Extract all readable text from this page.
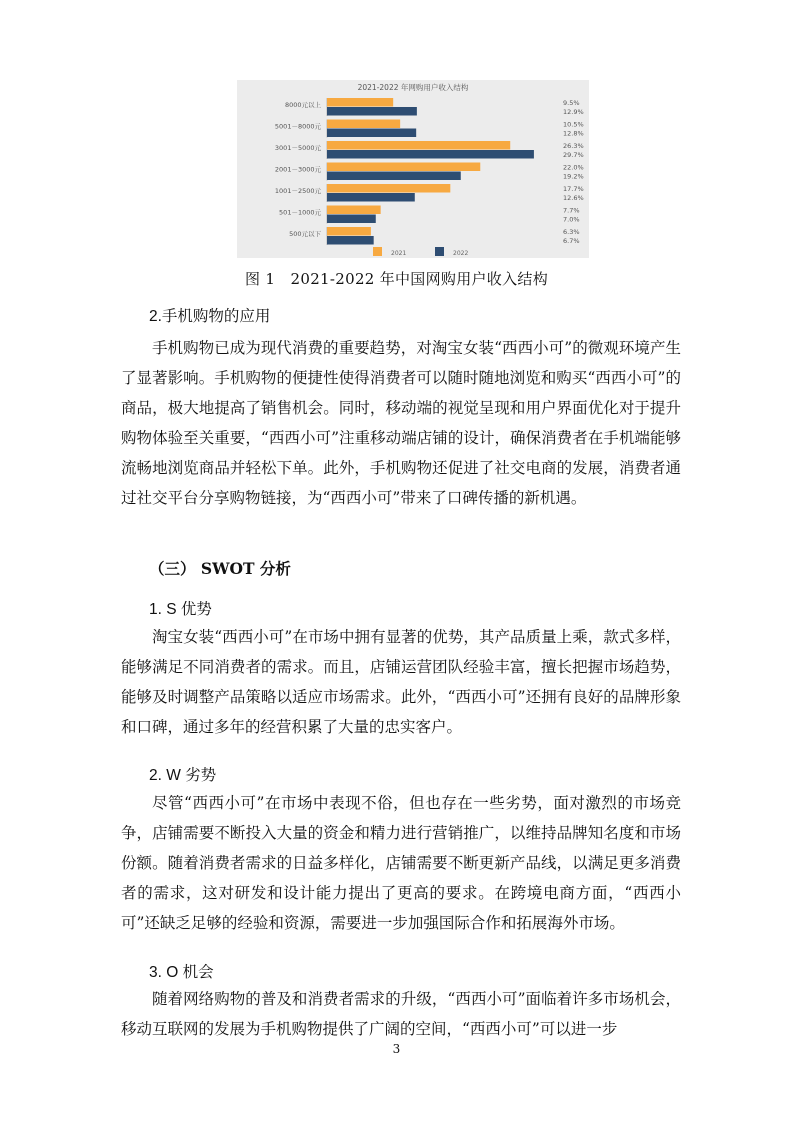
2021-2022 年网购用户收入结构
8000元以上	9.5%
12.9%
5001－8000元	10.5%
12.8%
3001－5000元	26.3%
29.7%
2001－3000元	22.0%
19.2%
1001－2500元	17.7%
12.6%
501－1000元	7.7%
7.0%
500元以下	6.3%
6.7%
2021	2022
图 1　2021-2022 年中国网购用户收入结构
2.手机购物的应用

手机购物已成为现代消费的重要趋势，对淘宝女装“西西小可”的微观环境产生了显著影响。手机购物的便捷性使得消费者可以随时随地浏览和购买“西西小可”的商品，极大地提高了销售机会。同时，移动端的视觉呈现和用户界面优化对于提升购物体验至关重要，“西西小可”注重移动端店铺的设计，确保消费者在手机端能够流畅地浏览商品并轻松下单。此外，手机购物还促进了社交电商的发展，消费者通过社交平台分享购物链接，为“西西小可”带来了口碑传播的新机遇。

（三） SWOT 分析
1. S 优势

淘宝女装“西西小可”在市场中拥有显著的优势，其产品质量上乘，款式多样，能够满足不同消费者的需求。而且，店铺运营团队经验丰富，擅长把握市场趋势，能够及时调整产品策略以适应市场需求。此外，“西西小可”还拥有良好的品牌形象和口碑，通过多年的经营积累了大量的忠实客户。

2. W 劣势

尽管“西西小可”在市场中表现不俗，但也存在一些劣势，面对激烈的市场竞争，店铺需要不断投入大量的资金和精力进行营销推广，以维持品牌知名度和市场份额。随着消费者需求的日益多样化，店铺需要不断更新产品线，以满足更多消费者的需求，这对研发和设计能力提出了更高的要求。在跨境电商方面，“西西小可”还缺乏足够的经验和资源，需要进一步加强国际合作和拓展海外市场。

3. O 机会

随着网络购物的普及和消费者需求的升级，“西西小可”面临着许多市场机会，移动互联网的发展为手机购物提供了广阔的空间，“西西小可”可以进一步

3
